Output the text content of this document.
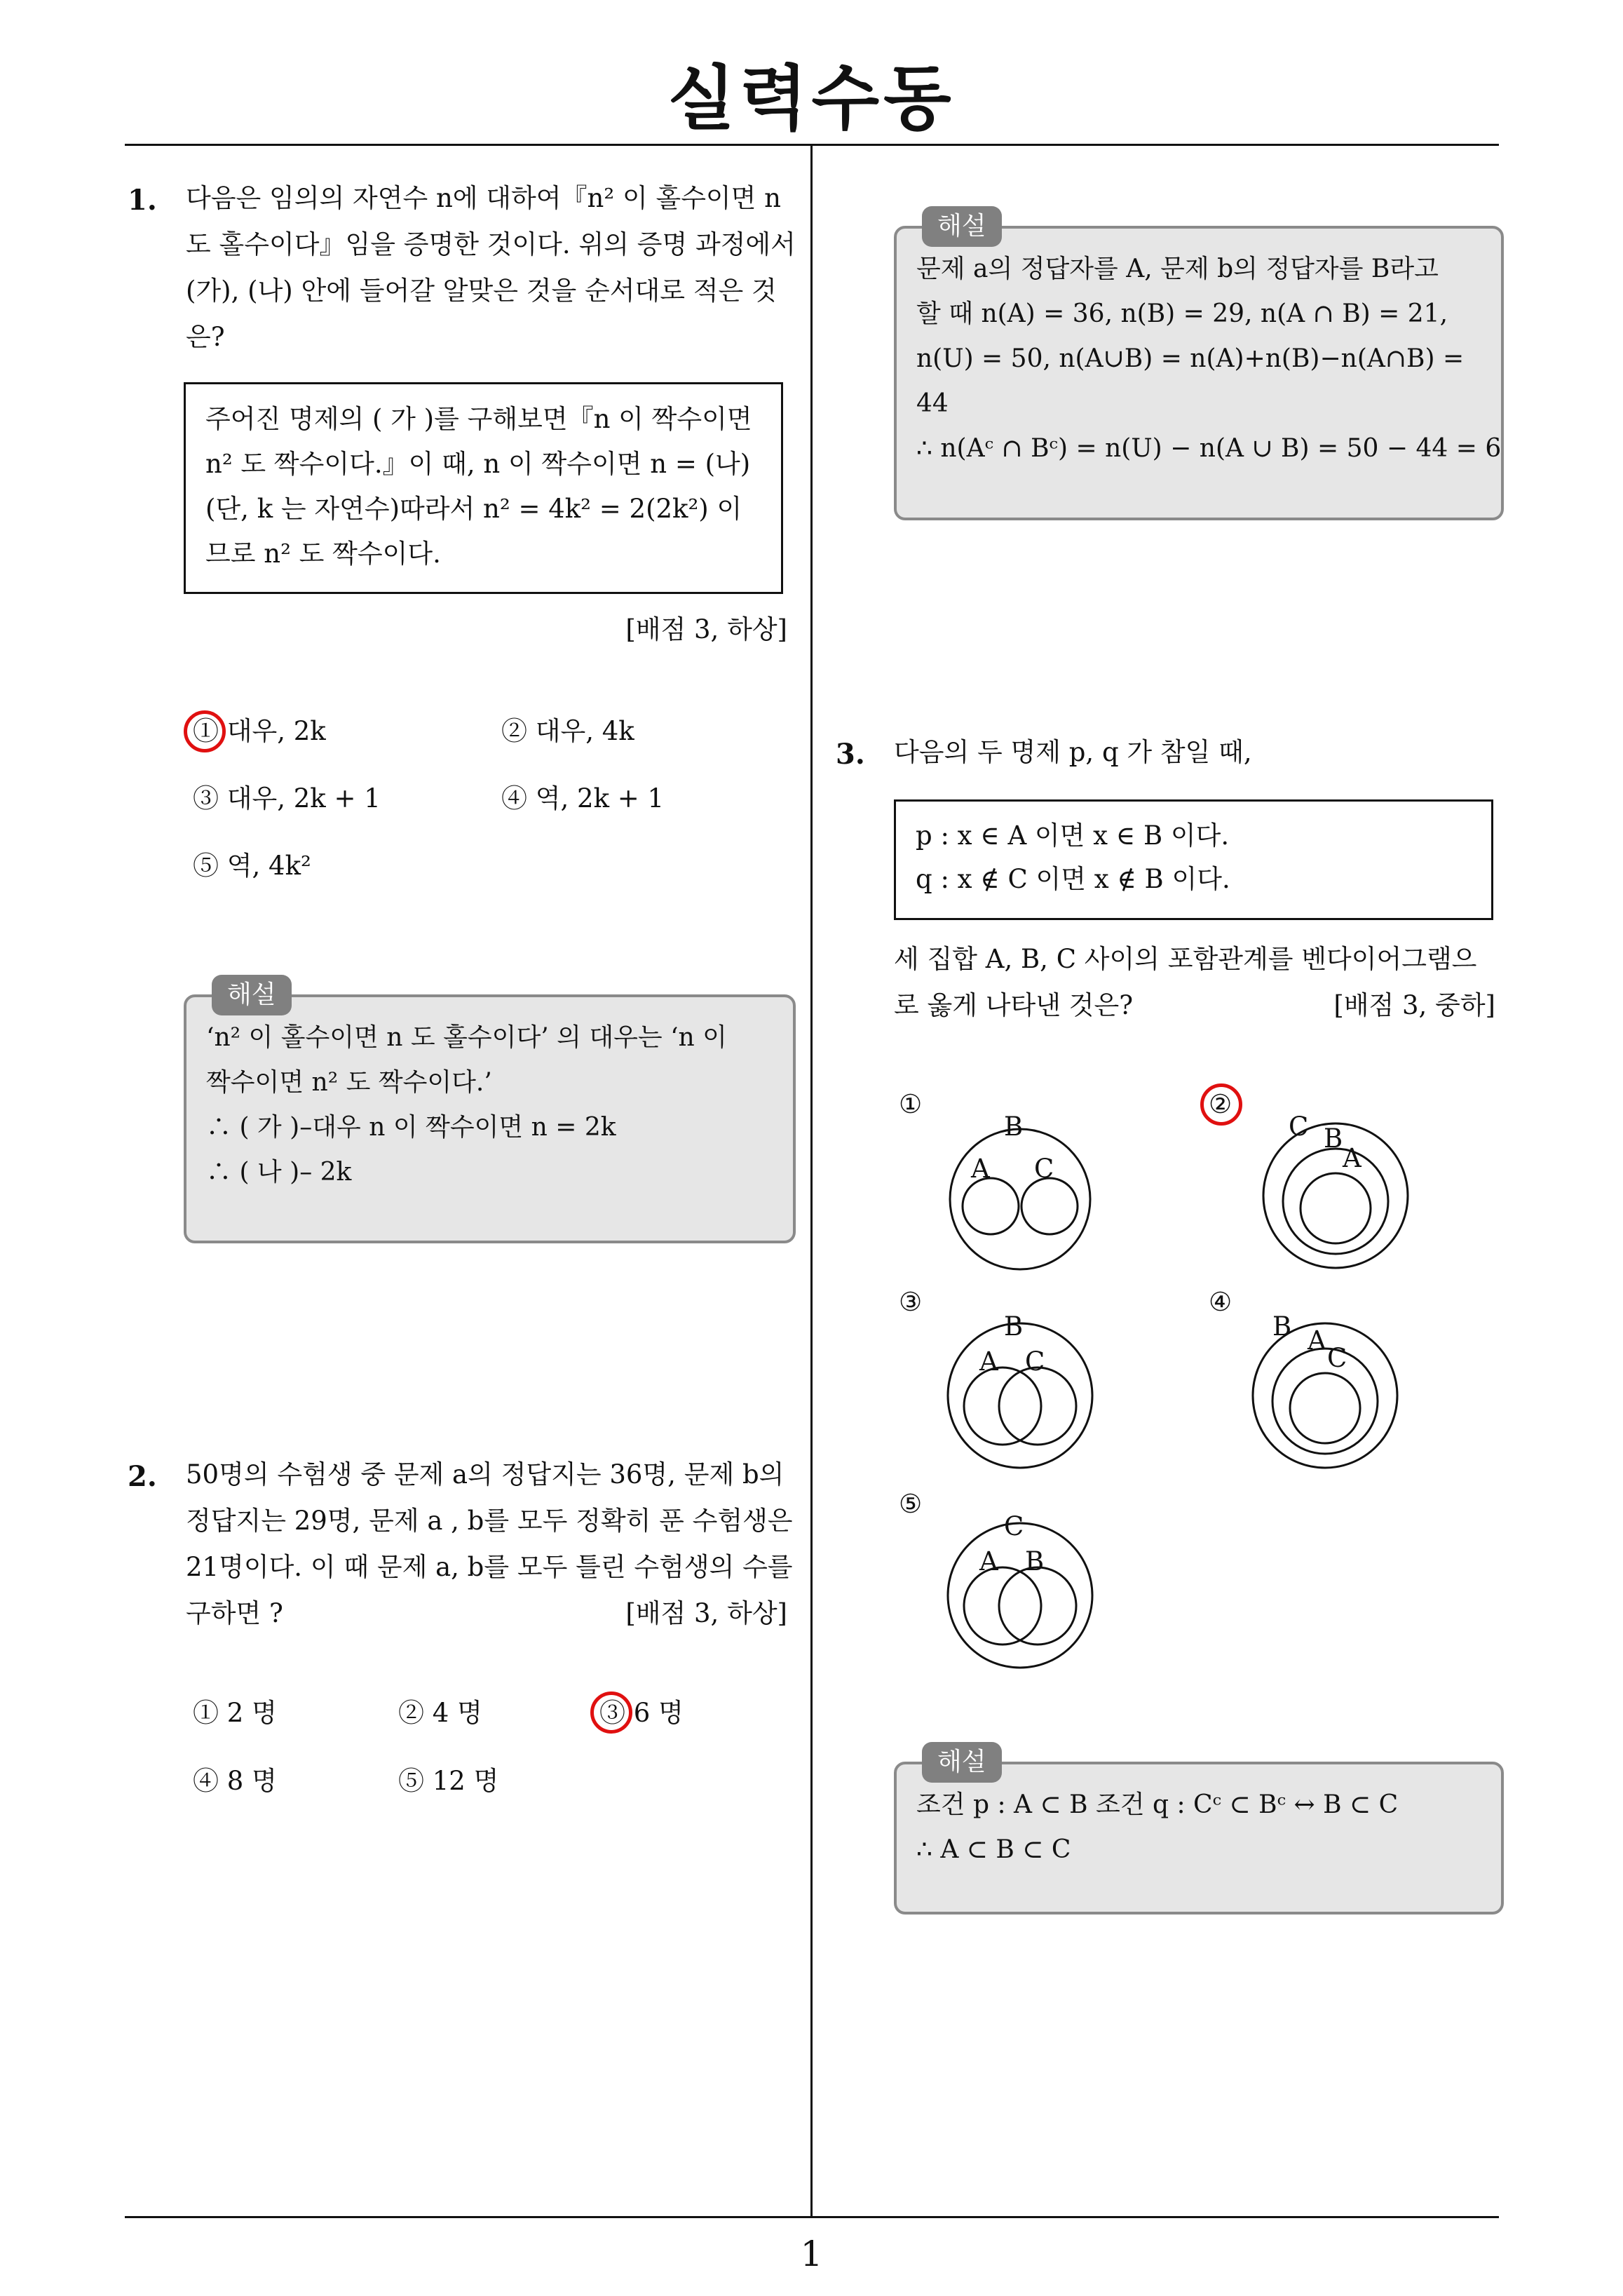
실력수동
1
1. 다음은 임의의 자연수 n에 대하여『n² 이 홀수이면 n
도 홀수이다』임을 증명한 것이다. 위의 증명 과정에서
(가), (나) 안에 들어갈 알맞은 것을 순서대로 적은 것
은?
주어진 명제의 ( 가 )를 구해보면『n 이 짝수이면
n² 도 짝수이다.』이 때, n 이 짝수이면 n = (나)
(단, k 는 자연수)따라서 n² = 4k² = 2(2k²) 이
므로 n² 도 짝수이다.
[배점 3, 하상]
① 대우, 2k	② 대우, 4k
③ 대우, 2k + 1	④ 역, 2k + 1
⑤ 역, 4k²
해설
‘n² 이 홀수이면 n 도 홀수이다’ 의 대우는 ‘n 이
짝수이면 n² 도 짝수이다.’
∴ ( 가 )–대우 n 이 짝수이면 n = 2k
∴ ( 나 )– 2k
2. 50명의 수험생 중 문제 a의 정답지는 36명, 문제 b의
정답지는 29명, 문제 a , b를 모두 정확히 푼 수험생은
21명이다. 이 때 문제 a, b를 모두 틀린 수험생의 수를
구하면 ?	[배점 3, 하상]
① 2 명	② 4 명	③ 6 명
④ 8 명	⑤ 12 명
해설
문제 a의 정답자를 A, 문제 b의 정답자를 B라고
할 때 n(A) = 36, n(B) = 29, n(A ∩ B) = 21,
n(U) = 50, n(A∪B) = n(A)+n(B)−n(A∩B) =
44
∴ n(Aᶜ ∩ Bᶜ) = n(U) − n(A ∪ B) = 50 − 44 = 6
3. 다음의 두 명제 p, q 가 참일 때,
p : x ∈ A 이면 x ∈ B 이다.
q : x ∉ C 이면 x ∉ B 이다.
세 집합 A, B, C 사이의 포함관계를 벤다이어그램으
로 옳게 나타낸 것은?	[배점 3, 중하]
①	②
③	④
⑤
B
A C
C B
A
B
A C
B A
C
C
A B
해설
조건 p : A ⊂ B 조건 q : Cᶜ ⊂ Bᶜ ↔ B ⊂ C
∴ A ⊂ B ⊂ C
